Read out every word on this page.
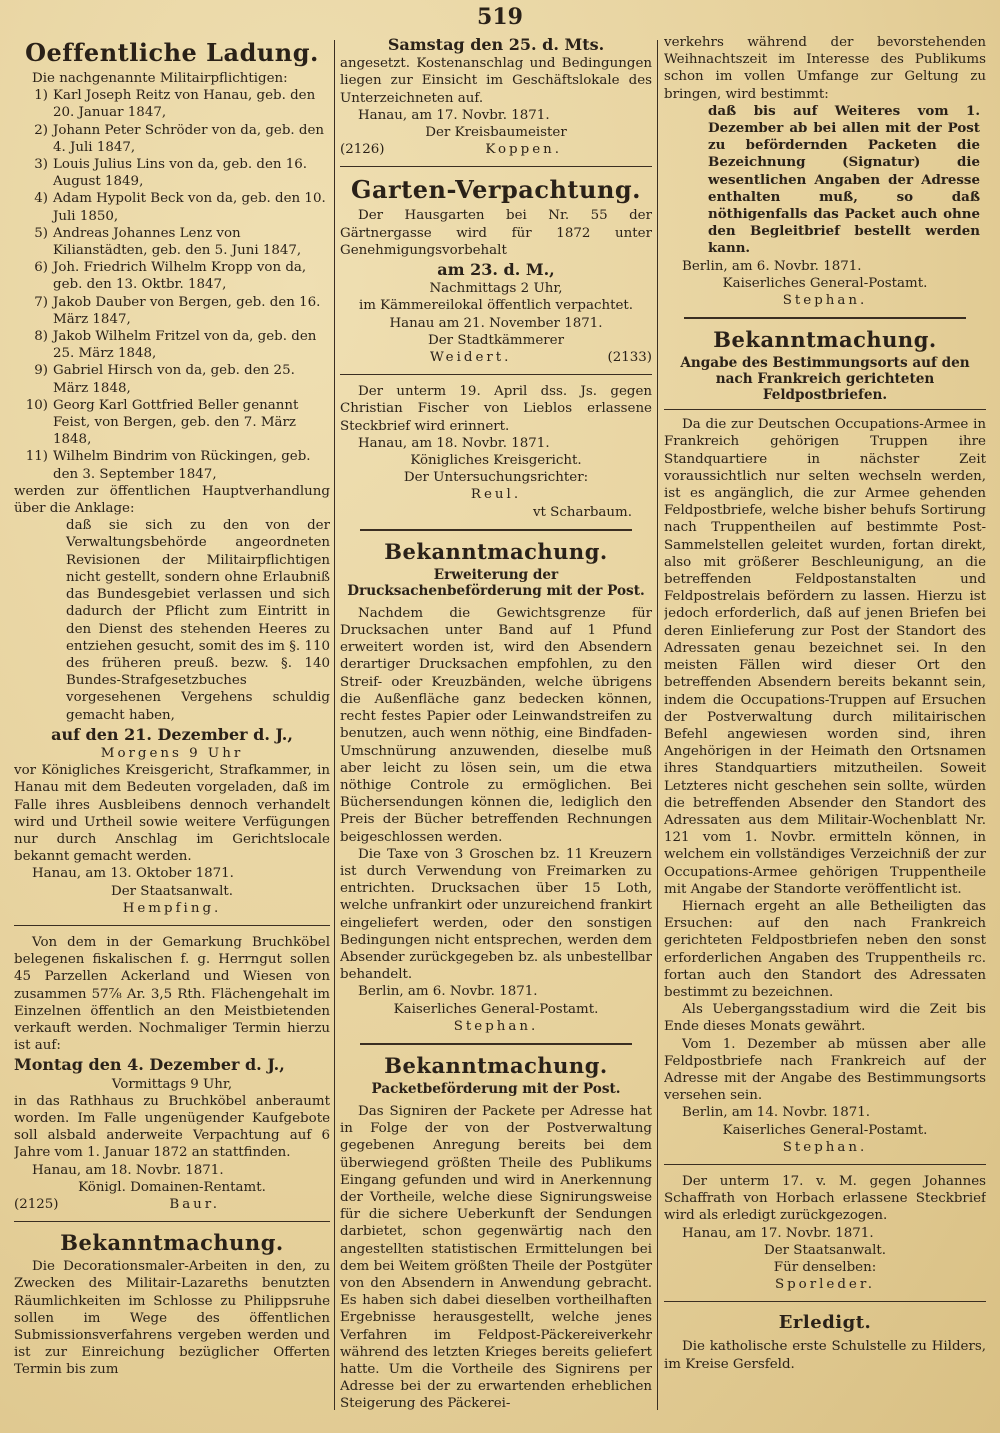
519
Oeffentliche Ladung.

Die nachgenannte Militairpflichtigen:

1) Karl Joseph Reitz von Hanau, geb. den 20. Januar 1847,
2) Johann Peter Schröder von da, geb. den 4. Juli 1847,
3) Louis Julius Lins von da, geb. den 16. August 1849,
4) Adam Hypolit Beck von da, geb. den 10. Juli 1850,
5) Andreas Johannes Lenz von Kilianstädten, geb. den 5. Juni 1847,
6) Joh. Friedrich Wilhelm Kropp von da, geb. den 13. Oktbr. 1847,
7) Jakob Dauber von Bergen, geb. den 16. März 1847,
8) Jakob Wilhelm Fritzel von da, geb. den 25. März 1848,
9) Gabriel Hirsch von da, geb. den 25. März 1848,
10) Georg Karl Gottfried Beller genannt Feist, von Bergen, geb. den 7. März 1848,
11) Wilhelm Bindrim von Rückingen, geb. den 3. September 1847,

werden zur öffentlichen Hauptverhandlung über die Anklage:

daß sie sich zu den von der Verwaltungsbehörde angeordneten Revisionen der Militairpflichtigen nicht gestellt, sondern ohne Erlaubniß das Bundesgebiet verlassen und sich dadurch der Pflicht zum Eintritt in den Dienst des stehenden Heeres zu entziehen gesucht, somit des im §. 110 des früheren preuß. bezw. §. 140 Bundes-Strafgesetzbuches vorgesehenen Vergehens schuldig gemacht haben,

auf den 21. Dezember d. J.,

Morgens 9 Uhr

vor Königliches Kreisgericht, Strafkammer, in Hanau mit dem Bedeuten vorgeladen, daß im Falle ihres Ausbleibens dennoch verhandelt wird und Urtheil sowie weitere Verfügungen nur durch Anschlag im Gerichtslocale bekannt gemacht werden.

Hanau, am 13. Oktober 1871.

Der Staatsanwalt.

Hempfing.

Von dem in der Gemarkung Bruchköbel belegenen fiskalischen f. g. Herrngut sollen 45 Parzellen Ackerland und Wiesen von zusammen 57⅞ Ar. 3,5 Rth. Flächengehalt im Einzelnen öffentlich an den Meistbietenden verkauft werden. Nochmaliger Termin hierzu ist auf:

Montag den 4. Dezember d. J.,

Vormittags 9 Uhr,

in das Rathhaus zu Bruchköbel anberaumt worden. Im Falle ungenügender Kaufgebote soll alsbald anderweite Verpachtung auf 6 Jahre vom 1. Januar 1872 an stattfinden.

Hanau, am 18. Novbr. 1871.

Königl. Domainen-Rentamt.

(2125)	Baur.
Bekanntmachung.

Die Decorationsmaler-Arbeiten in den, zu Zwecken des Militair-Lazareths benutzten Räumlichkeiten im Schlosse zu Philippsruhe sollen im Wege des öffentlichen Submissionsverfahrens vergeben werden und ist zur Einreichung bezüglicher Offerten Termin bis zum

Samstag den 25. d. Mts.

angesetzt. Kostenanschlag und Bedingungen liegen zur Einsicht im Geschäftslokale des Unterzeichneten auf.

Hanau, am 17. Novbr. 1871.

Der Kreisbaumeister

(2126)	Koppen.
Garten-Verpachtung.

Der Hausgarten bei Nr. 55 der Gärtnergasse wird für 1872 unter Genehmigungsvorbehalt

am 23. d. M.,

Nachmittags 2 Uhr,

im Kämmereilokal öffentlich verpachtet.

Hanau am 21. November 1871.

Der Stadtkämmerer

Weidert.	(2133)

Der unterm 19. April dss. Js. gegen Christian Fischer von Lieblos erlassene Steckbrief wird erinnert.

Hanau, am 18. Novbr. 1871.

Königliches Kreisgericht.

Der Untersuchungsrichter:

Reul.

vt Scharbaum.

Bekanntmachung.
Erweiterung der Drucksachenbeförderung mit der Post.

Nachdem die Gewichtsgrenze für Drucksachen unter Band auf 1 Pfund erweitert worden ist, wird den Absendern derartiger Drucksachen empfohlen, zu den Streif- oder Kreuzbänden, welche übrigens die Außenfläche ganz bedecken können, recht festes Papier oder Leinwandstreifen zu benutzen, auch wenn nöthig, eine Bindfaden-Umschnürung anzuwenden, dieselbe muß aber leicht zu lösen sein, um die etwa nöthige Controle zu ermöglichen. Bei Büchersendungen können die, lediglich den Preis der Bücher betreffenden Rechnungen beigeschlossen werden.

Die Taxe von 3 Groschen bz. 11 Kreuzern ist durch Verwendung von Freimarken zu entrichten. Drucksachen über 15 Loth, welche unfrankirt oder unzureichend frankirt eingeliefert werden, oder den sonstigen Bedingungen nicht entsprechen, werden dem Absender zurückgegeben bz. als unbestellbar behandelt.

Berlin, am 6. Novbr. 1871.

Kaiserliches General-Postamt.

Stephan.

Bekanntmachung.
Packetbeförderung mit der Post.

Das Signiren der Packete per Adresse hat in Folge der von der Postverwaltung gegebenen Anregung bereits bei dem überwiegend größten Theile des Publikums Eingang gefunden und wird in Anerkennung der Vortheile, welche diese Signirungsweise für die sichere Ueberkunft der Sendungen darbietet, schon gegenwärtig nach den angestellten statistischen Ermittelungen bei dem bei Weitem größten Theile der Postgüter von den Absendern in Anwendung gebracht. Es haben sich dabei dieselben vortheilhaften Ergebnisse herausgestellt, welche jenes Verfahren im Feldpost-Päckereiverkehr während des letzten Krieges bereits geliefert hatte. Um die Vortheile des Signirens per Adresse bei der zu erwartenden erheblichen Steigerung des Päckerei-

verkehrs während der bevorstehenden Weihnachtszeit im Interesse des Publikums schon im vollen Umfange zur Geltung zu bringen, wird bestimmt:

daß bis auf Weiteres vom 1. Dezember ab bei allen mit der Post zu befördernden Packeten die Bezeichnung (Signatur) die wesentlichen Angaben der Adresse enthalten muß, so daß nöthigenfalls das Packet auch ohne den Begleitbrief bestellt werden kann.

Berlin, am 6. Novbr. 1871.

Kaiserliches General-Postamt.

Stephan.

Bekanntmachung.
Angabe des Bestimmungsorts auf den nach Frankreich gerichteten Feldpostbriefen.

Da die zur Deutschen Occupations-Armee in Frankreich gehörigen Truppen ihre Standquartiere in nächster Zeit voraussichtlich nur selten wechseln werden, ist es angänglich, die zur Armee gehenden Feldpostbriefe, welche bisher behufs Sortirung nach Truppentheilen auf bestimmte Post-Sammelstellen geleitet wurden, fortan direkt, also mit größerer Beschleunigung, an die betreffenden Feldpostanstalten und Feldpostrelais befördern zu lassen. Hierzu ist jedoch erforderlich, daß auf jenen Briefen bei deren Einlieferung zur Post der Standort des Adressaten genau bezeichnet sei. In den meisten Fällen wird dieser Ort den betreffenden Absendern bereits bekannt sein, indem die Occupations-Truppen auf Ersuchen der Postverwaltung durch militairischen Befehl angewiesen worden sind, ihren Angehörigen in der Heimath den Ortsnamen ihres Standquartiers mitzutheilen. Soweit Letzteres nicht geschehen sein sollte, würden die betreffenden Absender den Standort des Adressaten aus dem Militair-Wochenblatt Nr. 121 vom 1. Novbr. ermitteln können, in welchem ein vollständiges Verzeichniß der zur Occupations-Armee gehörigen Truppentheile mit Angabe der Standorte veröffentlicht ist.

Hiernach ergeht an alle Betheiligten das Ersuchen: auf den nach Frankreich gerichteten Feldpostbriefen neben den sonst erforderlichen Angaben des Truppentheils rc. fortan auch den Standort des Adressaten bestimmt zu bezeichnen.

Als Uebergangsstadium wird die Zeit bis Ende dieses Monats gewährt.

Vom 1. Dezember ab müssen aber alle Feldpostbriefe nach Frankreich auf der Adresse mit der Angabe des Bestimmungsorts versehen sein.

Berlin, am 14. Novbr. 1871.

Kaiserliches General-Postamt.

Stephan.

Der unterm 17. v. M. gegen Johannes Schaffrath von Horbach erlassene Steckbrief wird als erledigt zurückgezogen.

Hanau, am 17. Novbr. 1871.

Der Staatsanwalt.

Für denselben:

Sporleder.

Erledigt.

Die katholische erste Schulstelle zu Hilders, im Kreise Gersfeld.
